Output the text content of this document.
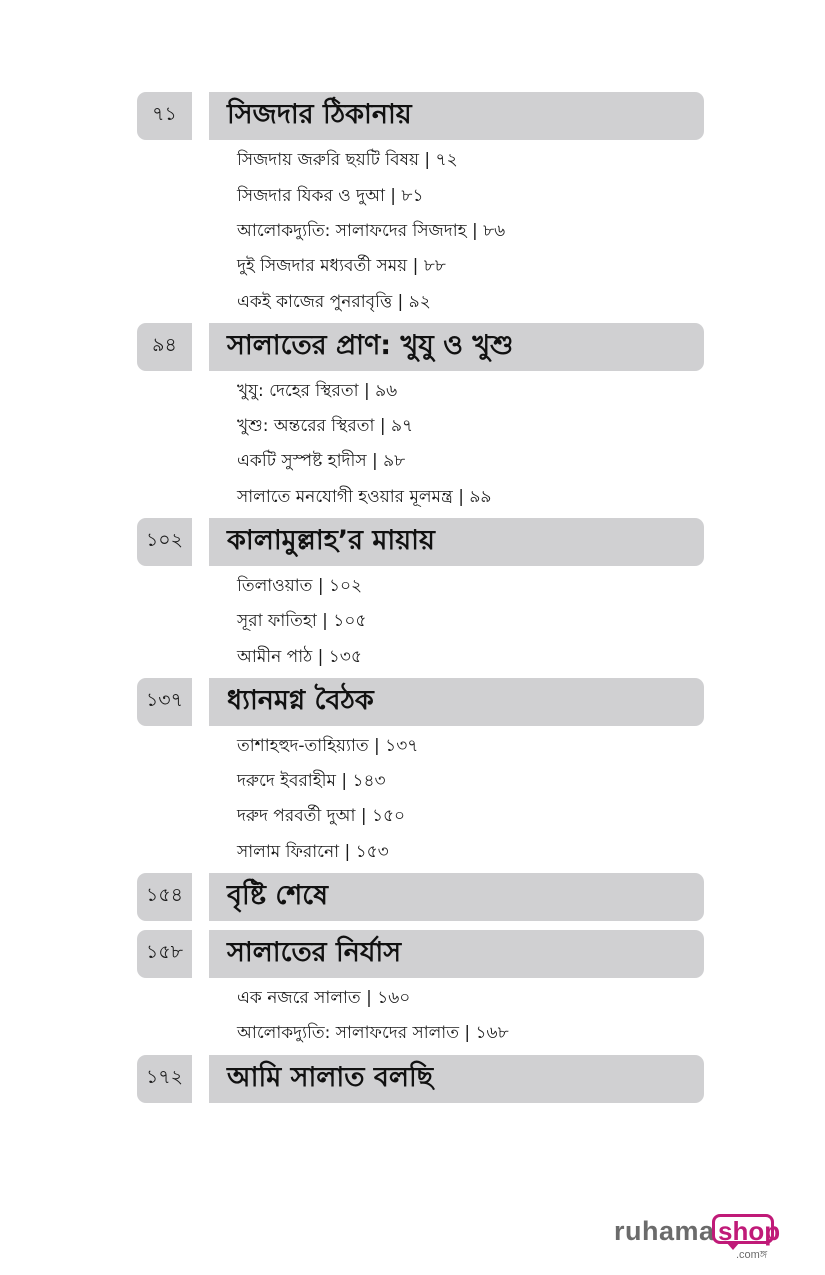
৭১	সিজদার ঠিকানায়
সিজদায় জরুরি ছয়টি বিষয় | ৭২
সিজদার যিকর ও দুআ | ৮১
আলোকদ্যুতি: সালাফদের সিজদাহ | ৮৬
দুই সিজদার মধ্যবর্তী সময় | ৮৮
একই কাজের পুনরাবৃত্তি | ৯২
৯৪	সালাতের প্রাণ: খুযু ও খুশু
খুযু: দেহের স্থিরতা | ৯৬
খুশু: অন্তরের স্থিরতা | ৯৭
একটি সুস্পষ্ট হাদীস | ৯৮
সালাতে মনযোগী হওয়ার মূলমন্ত্র | ৯৯
১০২	কালামুল্লাহ’র মায়ায়
তিলাওয়াত | ১০২
সূরা ফাতিহা | ১০৫
আমীন পাঠ | ১৩৫
১৩৭	ধ্যানমগ্ন বৈঠক
তাশাহহুদ-তাহিয়্যাত | ১৩৭
দরুদে ইবরাহীম | ১৪৩
দরুদ পরবর্তী দুআ | ১৫০
সালাম ফিরানো | ১৫৩
১৫৪	বৃষ্টি শেষে
১৫৮	সালাতের নির্যাস
এক নজরে সালাত | ১৬০
আলোকদ্যুতি: সালাফদের সালাত | ১৬৮
১৭২	আমি সালাত বলছি
ruhama shop
.comঙ্গ
